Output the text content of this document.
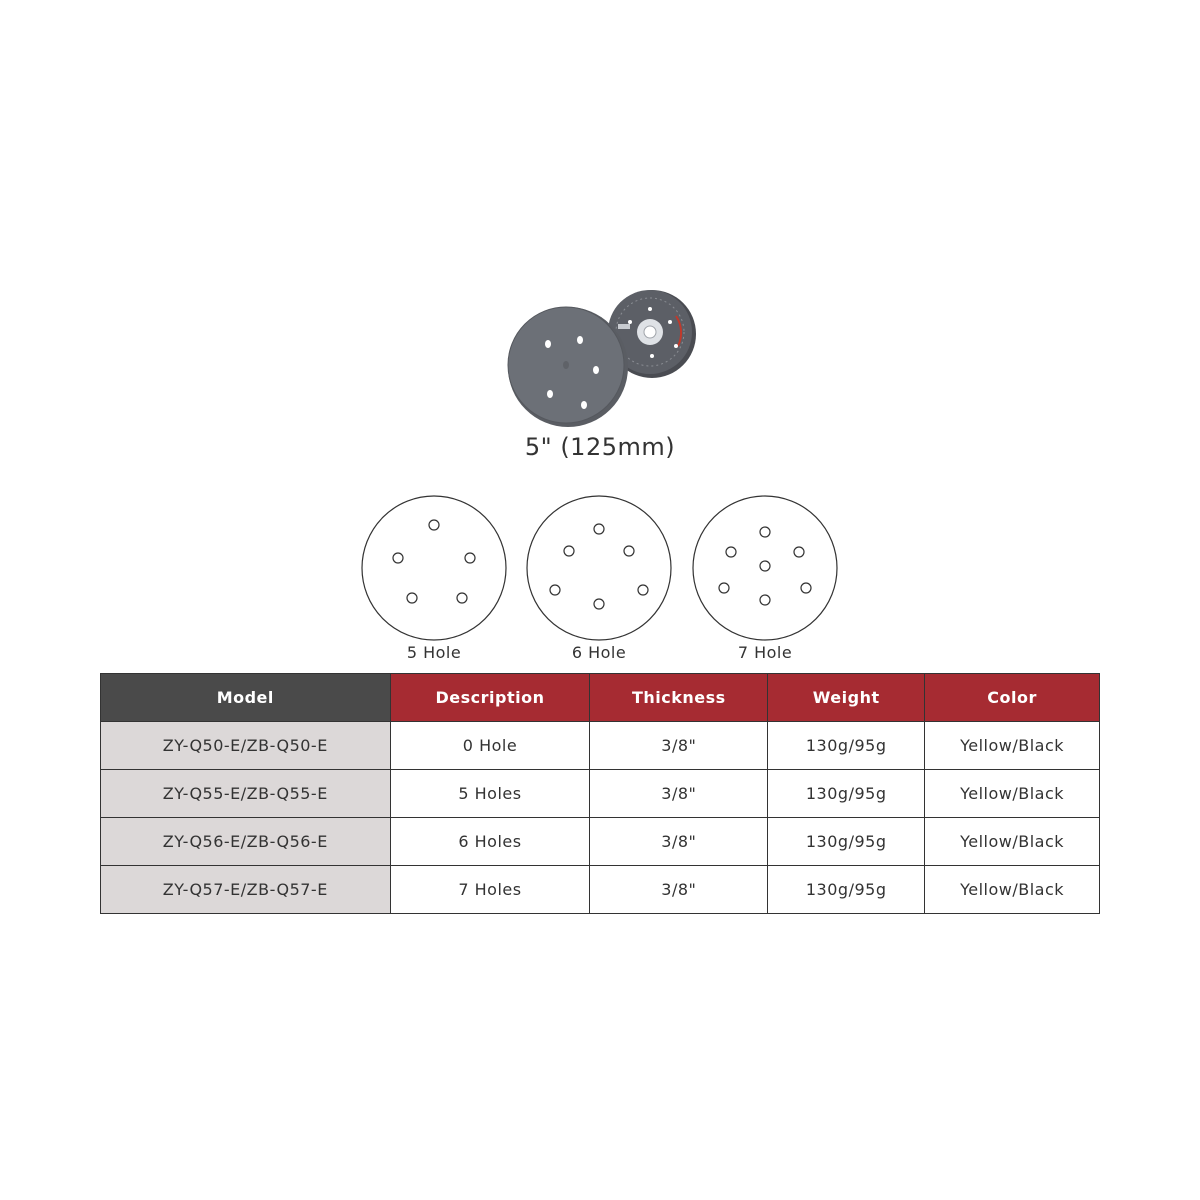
5" (125mm)
5 Hole	6 Hole	7 Hole
Model	Description	Thickness	Weight	Color
ZY-Q50-E/ZB-Q50-E	0 Hole	3/8"	130g/95g	Yellow/Black
ZY-Q55-E/ZB-Q55-E	5 Holes	3/8"	130g/95g	Yellow/Black
ZY-Q56-E/ZB-Q56-E	6 Holes	3/8"	130g/95g	Yellow/Black
ZY-Q57-E/ZB-Q57-E	7 Holes	3/8"	130g/95g	Yellow/Black
